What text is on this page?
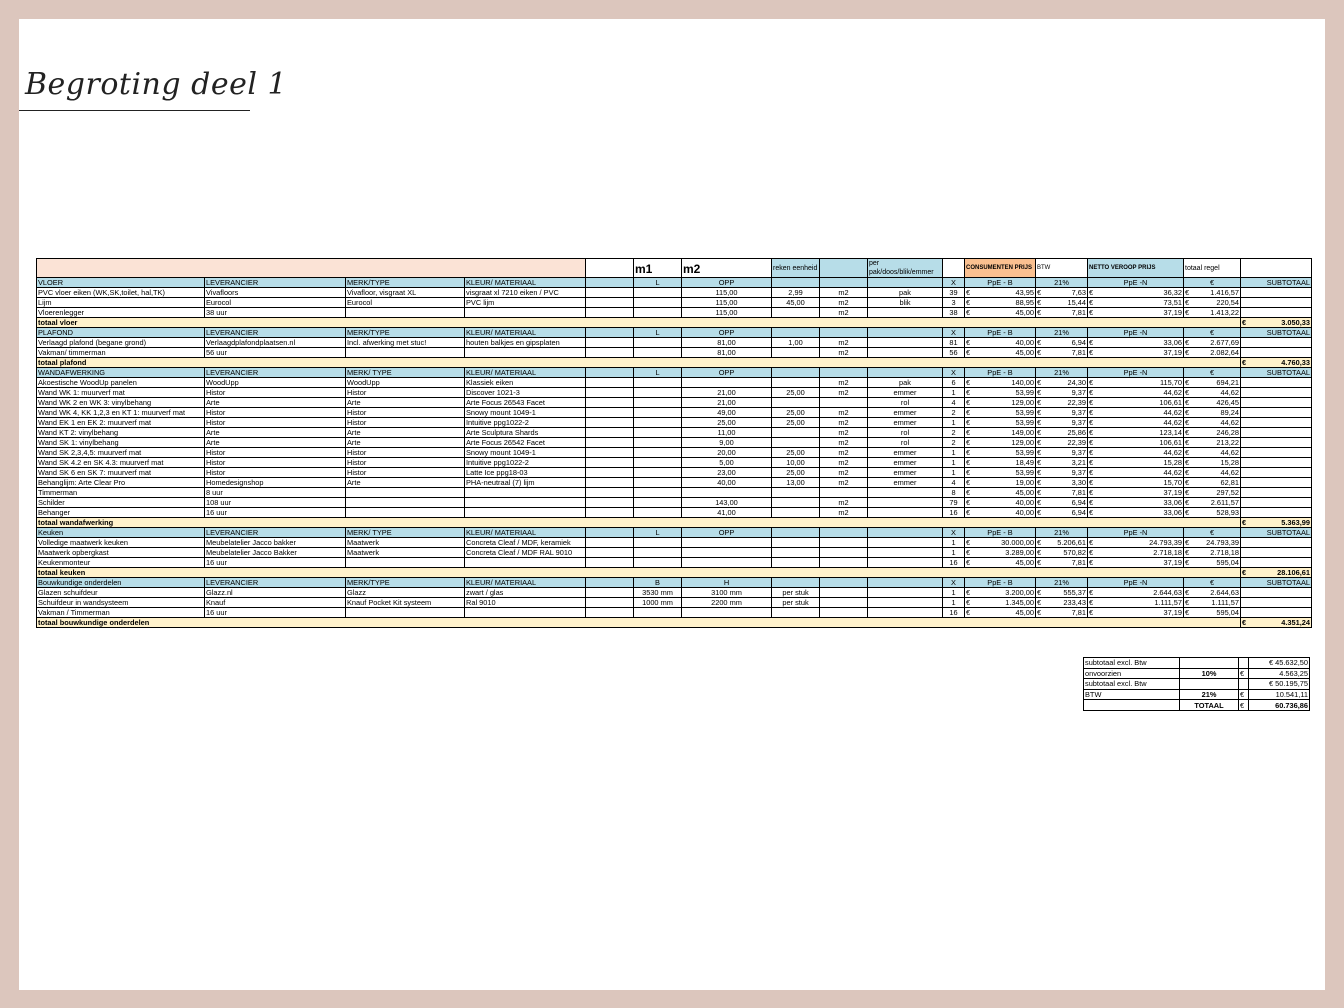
Begroting deel 1
					m1	m2	reken eenheid		per pak/doos/blik/emmer		CONSUMENTEN PRIJS	BTW	NETTO VEROOP PRIJS	totaal regel	
VLOER	LEVERANCIER	MERK/TYPE	KLEUR/ MATERIAAL		L	OPP				X	PpE - B	21%	PpE -N	€	SUBTOTAAL
PVC vloer eiken (WK,SK,toilet, hal,TK)	Vivafloors	Vivafloor, visgraat XL	visgraat xl 7210 eiken / PVC			115,00	2,99	m2	pak	39	€ 43,95	€ 7,63	€ 36,32	€ 1.416,57	

Lijm	Eurocol	Eurocol	PVC lijm			115,00	45,00	m2	blik	3	€ 88,95	€ 15,44	€ 73,51	€ 220,54	

Vloerenlegger	38 uur					115,00		m2		38	€ 45,00	€ 7,81	€ 37,19	€ 1.413,22	

totaal vloer															€ 3.050,33

PLAFOND	LEVERANCIER	MERK/TYPE	KLEUR/ MATERIAAL		L	OPP				X	PpE - B	21%	PpE -N	€	SUBTOTAAL
Verlaagd plafond (begane grond)	Verlaagdplafondplaatsen.nl	Incl. afwerking met stuc!	houten balkjes en gipsplaten			81,00	1,00	m2		81	€ 40,00	€ 6,94	€ 33,06	€ 2.677,69	

Vakman/ timmerman	56 uur					81,00		m2		56	€ 45,00	€ 7,81	€ 37,19	€ 2.082,64	

totaal plafond															€ 4.760,33

WANDAFWERKING	LEVERANCIER	MERK/ TYPE	KLEUR/ MATERIAAL		L	OPP				X	PpE - B	21%	PpE -N	€	SUBTOTAAL
Akoestische WoodUp panelen	WoodUpp	WoodUpp	Klassiek eiken					m2	pak	6	€ 140,00	€ 24,30	€ 115,70	€ 694,21	

Wand WK 1: muurverf mat	Histor	Histor	Discover 1021-3			21,00	25,00	m2	emmer	1	€ 53,99	€ 9,37	€ 44,62	€ 44,62	

Wand WK 2 en WK 3: vinylbehang	Arte	Arte	Arte Focus 26543 Facet			21,00			rol	4	€ 129,00	€ 22,39	€ 106,61	€ 426,45	

Wand WK 4, KK 1,2,3 en KT 1: muurverf mat	Histor	Histor	Snowy mount 1049-1			49,00	25,00	m2	emmer	2	€ 53,99	€ 9,37	€ 44,62	€ 89,24	

Wand EK 1 en EK 2: muurverf mat	Histor	Histor	Intuitive ppg1022-2			25,00	25,00	m2	emmer	1	€ 53,99	€ 9,37	€ 44,62	€ 44,62	

Wand KT 2: vinylbehang	Arte	Arte	Arte Sculptura Shards			11,00		m2	rol	2	€ 149,00	€ 25,86	€ 123,14	€ 246,28	

Wand SK 1: vinylbehang	Arte	Arte	Arte Focus 26542 Facet			9,00		m2	rol	2	€ 129,00	€ 22,39	€ 106,61	€ 213,22	

Wand SK 2,3,4,5: muurverf mat	Histor	Histor	Snowy mount 1049-1			20,00	25,00	m2	emmer	1	€ 53,99	€ 9,37	€ 44,62	€ 44,62	

Wand SK 4.2 en SK 4.3: muurverf mat	Histor	Histor	Intuitive ppg1022-2			5,00	10,00	m2	emmer	1	€ 18,49	€ 3,21	€ 15,28	€ 15,28	

Wand SK 6 en SK 7: muurverf mat	Histor	Histor	Latte Ice ppg18-03			23,00	25,00	m2	emmer	1	€ 53,99	€ 9,37	€ 44,62	€ 44,62	

Behanglijm: Arte Clear Pro	Homedesignshop	Arte	PHA-neutraal (7) lijm			40,00	13,00	m2	emmer	4	€ 19,00	€ 3,30	€ 15,70	€ 62,81	

Timmerman	8 uur									8	€ 45,00	€ 7,81	€ 37,19	€ 297,52	

Schilder	108 uur					143,00		m2		79	€ 40,00	€ 6,94	€ 33,06	€ 2.611,57	

Behanger	16 uur					41,00		m2		16	€ 40,00	€ 6,94	€ 33,06	€ 528,93	

totaal wandafwerking															€ 5.363,99

Keuken	LEVERANCIER	MERK/ TYPE	KLEUR/ MATERIAAL		L	OPP				X	PpE - B	21%	PpE -N	€	SUBTOTAAL
Volledige maatwerk keuken	Meubelatelier Jacco bakker	Maatwerk	Concreta Cleaf / MDF, keramiek							1	€ 30.000,00	€ 5.206,61	€ 24.793,39	€ 24.793,39	

Maatwerk opbergkast	Meubelatelier Jacco Bakker	Maatwerk	Concreta Cleaf / MDF RAL 9010							1	€ 3.289,00	€ 570,82	€ 2.718,18	€ 2.718,18	

Keukenmonteur	16 uur									16	€ 45,00	€ 7,81	€ 37,19	€ 595,04	

totaal keuken															€ 28.106,61

Bouwkundige onderdelen	LEVERANCIER	MERK/TYPE	KLEUR/ MATERIAAL		B	H				X	PpE - B	21%	PpE -N	€	SUBTOTAAL
Glazen schuifdeur	Glazz.nl	Glazz	zwart / glas		3530 mm	3100 mm	per stuk			1	€ 3.200,00	€ 555,37	€ 2.644,63	€ 2.644,63	

Schuifdeur in wandsysteem	Knauf	Knauf Pocket Kit systeem	Ral 9010		1000 mm	2200 mm	per stuk			1	€ 1.345,00	€ 233,43	€ 1.111,57	€ 1.111,57	

Vakman / Timmerman	16 uur									16	€ 45,00	€ 7,81	€ 37,19	€ 595,04	

totaal bouwkundige onderdelen															€ 4.351,24
subtotaal excl. Btw			€ 45.632,50
onvoorzien	10%	€	4.563,25
subtotaal excl. Btw			€ 50.195,75
BTW	21%	€	10.541,11
	TOTAAL	€	60.736,86
